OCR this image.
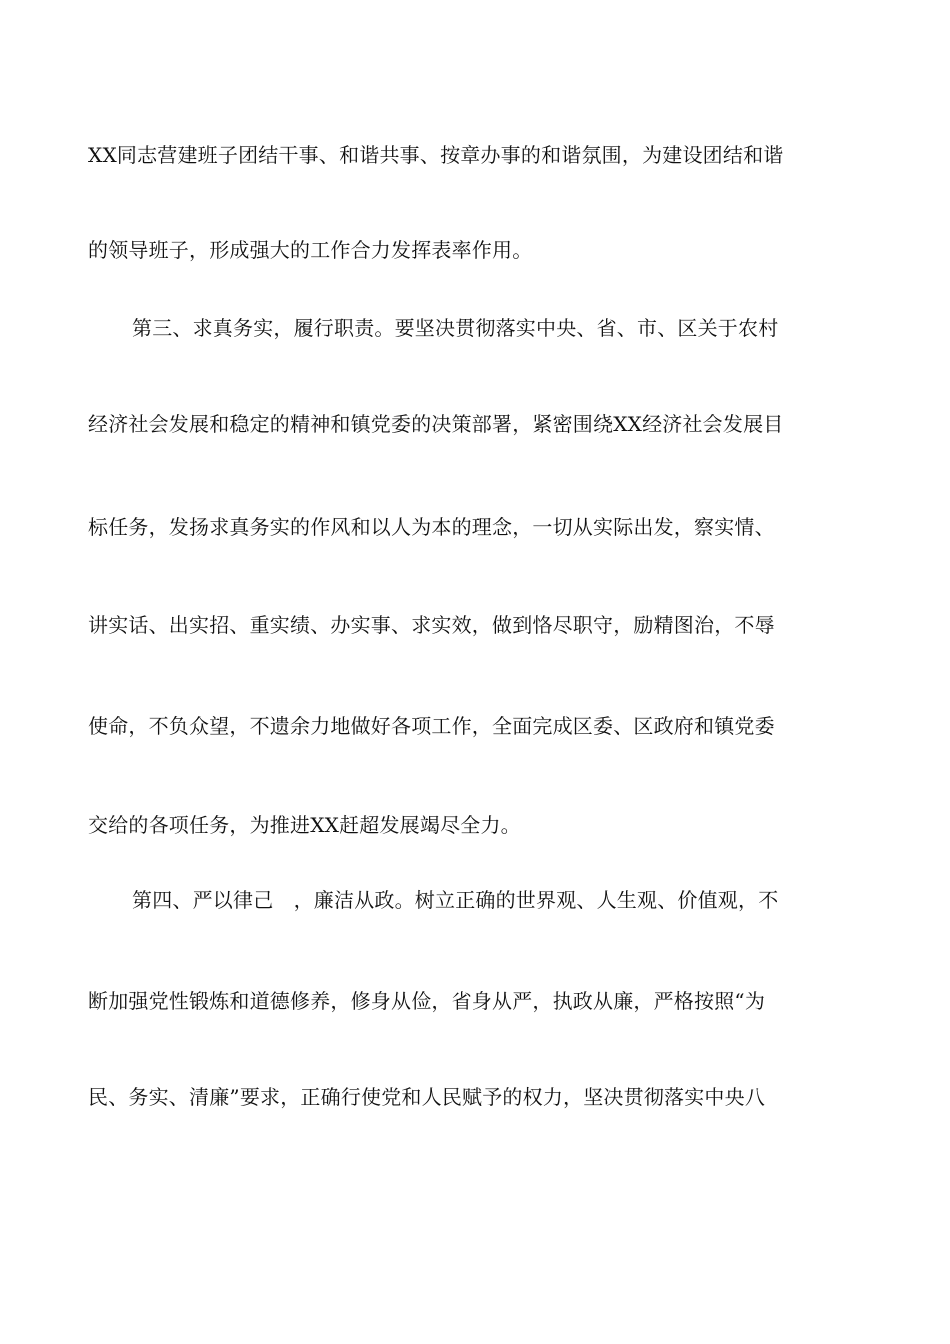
XX同志营建班子团结干事、和谐共事、按章办事的和谐氛围，为建设团结和谐
的领导班子，形成强大的工作合力发挥表率作用。
第三、求真务实，履行职责。要坚决贯彻落实中央、省、市、区关于农村
经济社会发展和稳定的精神和镇党委的决策部署，紧密围绕XX经济社会发展目
标任务，发扬求真务实的作风和以人为本的理念，一切从实际出发，察实情、
讲实话、出实招、重实绩、办实事、求实效，做到恪尽职守，励精图治，不辱
使命，不负众望，不遗余力地做好各项工作，全面完成区委、区政府和镇党委
交给的各项任务，为推进XX赶超发展竭尽全力。
第四、严以律己　，廉洁从政。树立正确的世界观、人生观、价值观，不
断加强党性锻炼和道德修养，修身从俭，省身从严，执政从廉，严格按照“为
民、务实、清廉”要求，正确行使党和人民赋予的权力，坚决贯彻落实中央八
